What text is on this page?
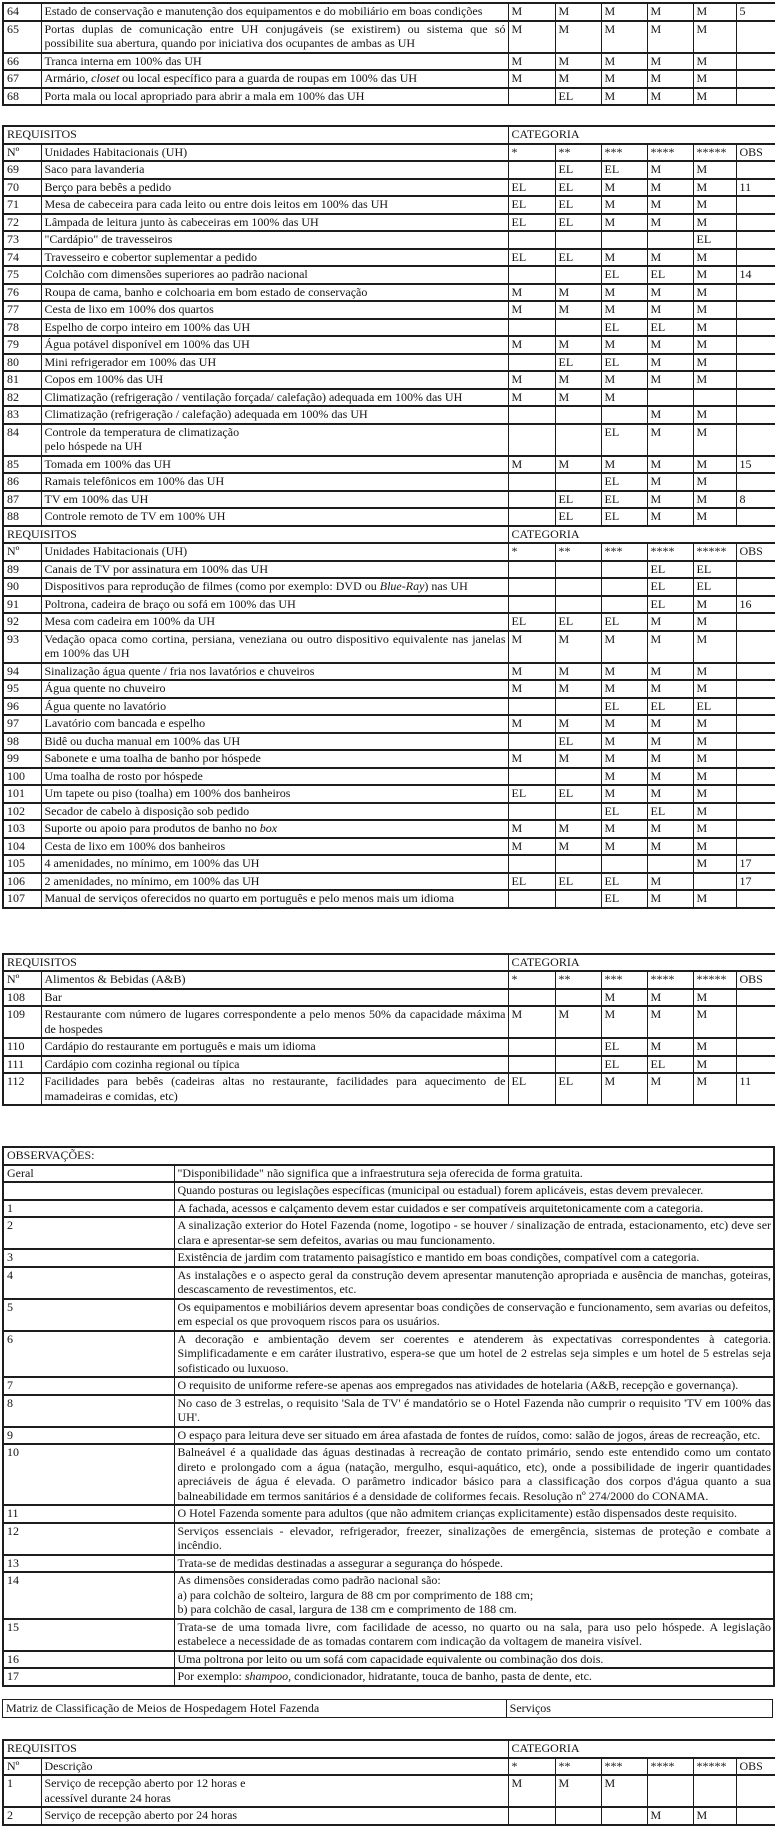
64	Estado de conservação e manutenção dos equipamentos e do mobiliário em boas condições	M	M	M	M	M	5
65	Portas duplas de comunicação entre UH conjugáveis (se existirem) ou sistema que só possibilite sua abertura, quando por iniciativa dos ocupantes de ambas as UH	M	M	M	M	M	
66	Tranca interna em 100% das UH	M	M	M	M	M	
67	Armário, closet ou local específico para a guarda de roupas em 100% das UH	M	M	M	M	M	
68	Porta mala ou local apropriado para abrir a mala em 100% das UH		EL	M	M	M	
REQUISITOS		CATEGORIA					
Nº	Unidades Habitacionais (UH)	*	**	***	****	*****	OBS
69	Saco para lavanderia		EL	EL	M	M	
70	Berço para bebês a pedido	EL	EL	M	M	M	11
71	Mesa de cabeceira para cada leito ou entre dois leitos em 100% das UH	EL	EL	M	M	M	
72	Lâmpada de leitura junto às cabeceiras em 100% das UH	EL	EL	M	M	M	
73	"Cardápio" de travesseiros					EL	
74	Travesseiro e cobertor suplementar a pedido	EL	EL	M	M	M	
75	Colchão com dimensões superiores ao padrão nacional			EL	EL	M	14
76	Roupa de cama, banho e colchoaria em bom estado de conservação	M	M	M	M	M	
77	Cesta de lixo em 100% dos quartos	M	M	M	M	M	
78	Espelho de corpo inteiro em 100% das UH			EL	EL	M	
79	Água potável disponível em 100% das UH	M	M	M	M	M	
80	Mini refrigerador em 100% das UH		EL	EL	M	M	
81	Copos em 100% das UH	M	M	M	M	M	
82	Climatização (refrigeração / ventilação forçada/ calefação) adequada em 100% das UH	M	M	M			
83	Climatização (refrigeração / calefação) adequada em 100% das UH				M	M	
84	Controle da temperatura de climatização
pelo hóspede na UH			EL	M	M	
85	Tomada em 100% das UH	M	M	M	M	M	15
86	Ramais telefônicos em 100% das UH			EL	M	M	
87	TV em 100% das UH		EL	EL	M	M	8
88	Controle remoto de TV em 100% UH		EL	EL	M	M	
REQUISITOS		CATEGORIA					
Nº	Unidades Habitacionais (UH)	*	**	***	****	*****	OBS
89	Canais de TV por assinatura em 100% das UH				EL	EL	
90	Dispositivos para reprodução de filmes (como por exemplo: DVD ou Blue-Ray) nas UH				EL	EL	
91	Poltrona, cadeira de braço ou sofá em 100% das UH				EL	M	16
92	Mesa com cadeira em 100% da UH	EL	EL	EL	M	M	
93	Vedação opaca como cortina, persiana, veneziana ou outro dispositivo equivalente nas janelas em 100% das UH	M	M	M	M	M	
94	Sinalização água quente / fria nos lavatórios e chuveiros	M	M	M	M	M	
95	Água quente no chuveiro	M	M	M	M	M	
96	Água quente no lavatório			EL	EL	EL	
97	Lavatório com bancada e espelho	M	M	M	M	M	
98	Bidê ou ducha manual em 100% das UH		EL	M	M	M	
99	Sabonete e uma toalha de banho por hóspede	M	M	M	M	M	
100	Uma toalha de rosto por hóspede			M	M	M	
101	Um tapete ou piso (toalha) em 100% dos banheiros	EL	EL	M	M	M	
102	Secador de cabelo à disposição sob pedido			EL	EL	M	
103	Suporte ou apoio para produtos de banho no box	M	M	M	M	M	
104	Cesta de lixo em 100% dos banheiros	M	M	M	M	M	
105	4 amenidades, no mínimo, em 100% das UH					M	17
106	2 amenidades, no mínimo, em 100% das UH	EL	EL	EL	M		17
107	Manual de serviços oferecidos no quarto em português e pelo menos mais um idioma			EL	M	M	
REQUISITOS		CATEGORIA					
Nº	Alimentos & Bebidas (A&B)	*	**	***	****	*****	OBS
108	Bar			M	M	M	
109	Restaurante com número de lugares correspondente a pelo menos 50% da capacidade máxima de hospedes	M	M	M	M	M	
110	Cardápio do restaurante em português e mais um idioma			EL	M	M	
111	Cardápio com cozinha regional ou típica			EL	EL	M	
112	Facilidades para bebês (cadeiras altas no restaurante, facilidades para aquecimento de mamadeiras e comidas, etc)	EL	EL	M	M	M	11
OBSERVAÇÕES:	
Geral	"Disponibilidade" não significa que a infraestrutura seja oferecida de forma gratuita.
	Quando posturas ou legislações específicas (municipal ou estadual) forem aplicáveis, estas devem prevalecer.
1	A fachada, acessos e calçamento devem estar cuidados e ser compatíveis arquitetonicamente com a categoria.
2	A sinalização exterior do Hotel Fazenda (nome, logotipo - se houver / sinalização de entrada, estacionamento, etc) deve ser clara e apresentar-se sem defeitos, avarias ou mau funcionamento.
3	Existência de jardim com tratamento paisagístico e mantido em boas condições, compatível com a categoria.
4	As instalações e o aspecto geral da construção devem apresentar manutenção apropriada e ausência de manchas, goteiras, descascamento de revestimentos, etc.
5	Os equipamentos e mobiliários devem apresentar boas condições de conservação e funcionamento, sem avarias ou defeitos, em especial os que provoquem riscos para os usuários.
6	A decoração e ambientação devem ser coerentes e atenderem às expectativas correspondentes à categoria. Simplificadamente e em caráter ilustrativo, espera-se que um hotel de 2 estrelas seja simples e um hotel de 5 estrelas seja sofisticado ou luxuoso.
7	O requisito de uniforme refere-se apenas aos empregados nas atividades de hotelaria (A&B, recepção e governança).
8	No caso de 3 estrelas, o requisito 'Sala de TV' é mandatório se o Hotel Fazenda não cumprir o requisito 'TV em 100% das UH'.
9	O espaço para leitura deve ser situado em área afastada de fontes de ruídos, como: salão de jogos, áreas de recreação, etc.
10	Balneável é a qualidade das águas destinadas à recreação de contato primário, sendo este entendido como um contato direto e prolongado com a água (natação, mergulho, esqui-aquático, etc), onde a possibilidade de ingerir quantidades apreciáveis de água é elevada. O parâmetro indicador básico para a classificação dos corpos d'água quanto a sua balneabilidade em termos sanitários é a densidade de coliformes fecais. Resolução nº 274/2000 do CONAMA.
11	O Hotel Fazenda somente para adultos (que não admitem crianças explicitamente) estão dispensados deste requisito.
12	Serviços essenciais - elevador, refrigerador, freezer, sinalizações de emergência, sistemas de proteção e combate a incêndio.
13	Trata-se de medidas destinadas a assegurar a segurança do hóspede.
14	As dimensões consideradas como padrão nacional são:
a) para colchão de solteiro, largura de 88 cm por comprimento de 188 cm;
b) para colchão de casal, largura de 138 cm e comprimento de 188 cm.
15	Trata-se de uma tomada livre, com facilidade de acesso, no quarto ou na sala, para uso pelo hóspede. A legislação estabelece a necessidade de as tomadas contarem com indicação da voltagem de maneira visível.
16	Uma poltrona por leito ou um sofá com capacidade equivalente ou combinação dos dois.
17	Por exemplo: shampoo, condicionador, hidratante, touca de banho, pasta de dente, etc.
Matriz de Classificação de Meios de Hospedagem Hotel Fazenda	Serviços
REQUISITOS		CATEGORIA					
Nº	Descrição	*	**	***	****	*****	OBS
1	Serviço de recepção aberto por 12 horas e
acessível durante 24 horas	M	M	M			
2	Serviço de recepção aberto por 24 horas				M	M	
